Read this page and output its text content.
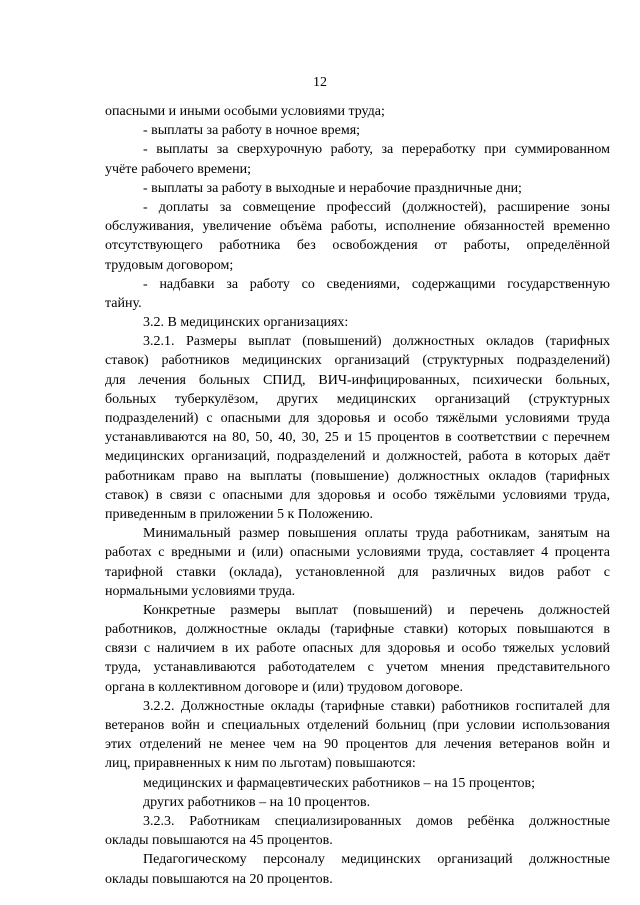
12
опасными и иными особыми условиями труда;
- выплаты за работу в ночное время;
- выплаты за сверхурочную работу, за переработку при суммированном
учёте рабочего времени;
- выплаты за работу в выходные и нерабочие праздничные дни;
- доплаты за совмещение профессий (должностей), расширение зоны
обслуживания, увеличение объёма работы, исполнение обязанностей временно
отсутствующего работника без освобождения от работы, определённой
трудовым договором;
- надбавки за работу со сведениями, содержащими государственную
тайну.
3.2. В медицинских организациях:
3.2.1. Размеры выплат (повышений) должностных окладов (тарифных
ставок) работников медицинских организаций (структурных подразделений)
для лечения больных СПИД, ВИЧ-инфицированных, психически больных,
больных туберкулёзом, других медицинских организаций (структурных
подразделений) с опасными для здоровья и особо тяжёлыми условиями труда
устанавливаются на 80, 50, 40, 30, 25 и 15 процентов в соответствии с перечнем
медицинских организаций, подразделений и должностей, работа в которых даёт
работникам право на выплаты (повышение) должностных окладов (тарифных
ставок) в связи с опасными для здоровья и особо тяжёлыми условиями труда,
приведенным в приложении 5 к Положению.
Минимальный размер повышения оплаты труда работникам, занятым на
работах с вредными и (или) опасными условиями труда, составляет 4 процента
тарифной ставки (оклада), установленной для различных видов работ с
нормальными условиями труда.
Конкретные размеры выплат (повышений) и перечень должностей
работников, должностные оклады (тарифные ставки) которых повышаются в
связи с наличием в их работе опасных для здоровья и особо тяжелых условий
труда, устанавливаются работодателем с учетом мнения представительного
органа в коллективном договоре и (или) трудовом договоре.
3.2.2. Должностные оклады (тарифные ставки) работников госпиталей для
ветеранов войн и специальных отделений больниц (при условии использования
этих отделений не менее чем на 90 процентов для лечения ветеранов войн и
лиц, приравненных к ним по льготам) повышаются:
медицинских и фармацевтических работников – на 15 процентов;
других работников – на 10 процентов.
3.2.3. Работникам специализированных домов ребёнка должностные
оклады повышаются на 45 процентов.
Педагогическому персоналу медицинских организаций должностные
оклады повышаются на 20 процентов.
